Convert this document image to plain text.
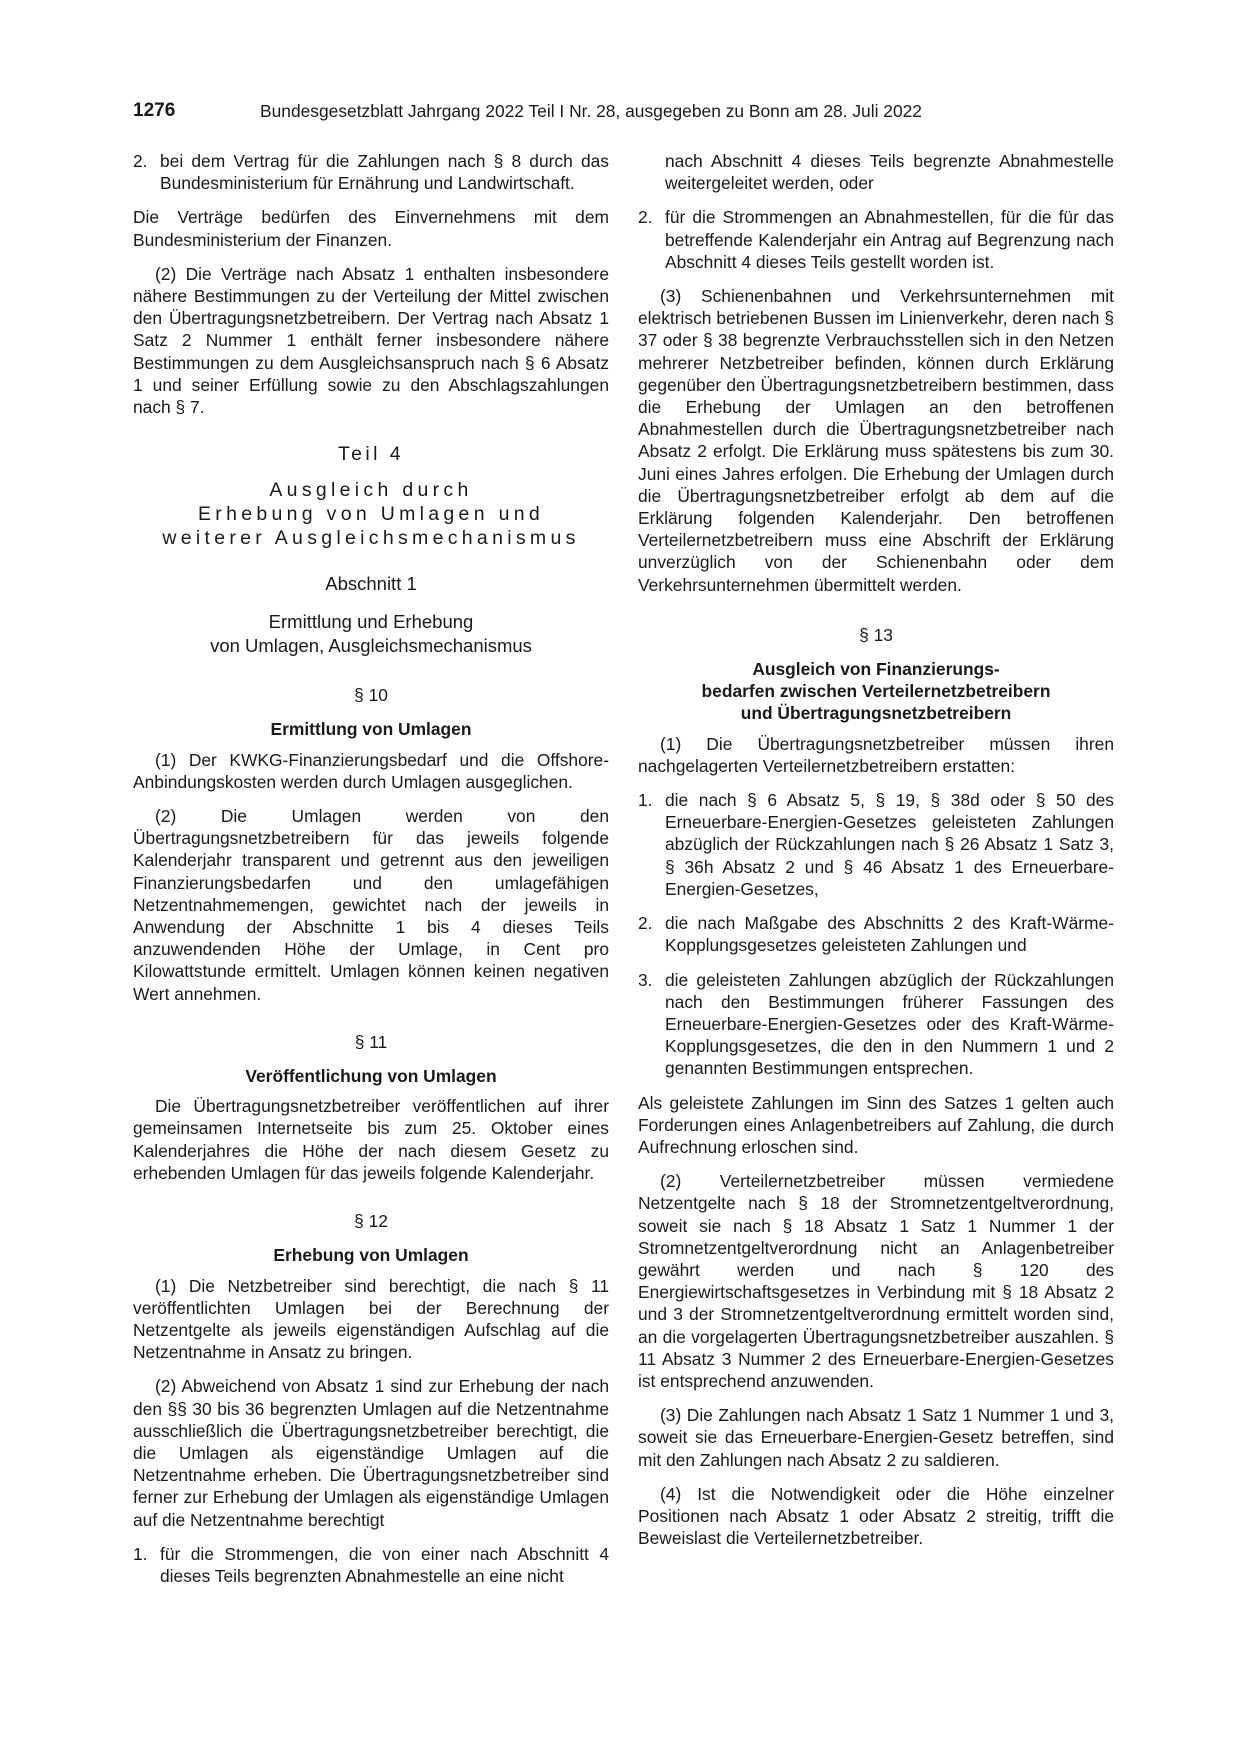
1276	Bundesgesetzblatt Jahrgang 2022 Teil I Nr. 28, ausgegeben zu Bonn am 28. Juli 2022
2. bei dem Vertrag für die Zahlungen nach § 8 durch das Bundesministerium für Ernährung und Landwirtschaft.

Die Verträge bedürfen des Einvernehmens mit dem Bundesministerium der Finanzen.

(2) Die Verträge nach Absatz 1 enthalten insbesondere nähere Bestimmungen zu der Verteilung der Mittel zwischen den Übertragungsnetzbetreibern. Der Vertrag nach Absatz 1 Satz 2 Nummer 1 enthält ferner insbesondere nähere Bestimmungen zu dem Ausgleichsanspruch nach § 6 Absatz 1 und seiner Erfüllung sowie zu den Abschlagszahlungen nach § 7.

Teil 4
Ausgleich durch
Erhebung von Umlagen und
weiterer Ausgleichsmechanismus
Abschnitt 1
Ermittlung und Erhebung
von Umlagen, Ausgleichsmechanismus
§ 10
Ermittlung von Umlagen

(1) Der KWKG-Finanzierungsbedarf und die Offshore-Anbindungskosten werden durch Umlagen ausgeglichen.

(2) Die Umlagen werden von den Übertragungsnetzbetreibern für das jeweils folgende Kalenderjahr transparent und getrennt aus den jeweiligen Finanzierungsbedarfen und den umlagefähigen Netzentnahmemengen, gewichtet nach der jeweils in Anwendung der Abschnitte 1 bis 4 dieses Teils anzuwendenden Höhe der Umlage, in Cent pro Kilowattstunde ermittelt. Umlagen können keinen negativen Wert annehmen.

§ 11
Veröffentlichung von Umlagen

Die Übertragungsnetzbetreiber veröffentlichen auf ihrer gemeinsamen Internetseite bis zum 25. Oktober eines Kalenderjahres die Höhe der nach diesem Gesetz zu erhebenden Umlagen für das jeweils folgende Kalenderjahr.

§ 12
Erhebung von Umlagen

(1) Die Netzbetreiber sind berechtigt, die nach § 11 veröffentlichten Umlagen bei der Berechnung der Netzentgelte als jeweils eigenständigen Aufschlag auf die Netzentnahme in Ansatz zu bringen.

(2) Abweichend von Absatz 1 sind zur Erhebung der nach den §§ 30 bis 36 begrenzten Umlagen auf die Netzentnahme ausschließlich die Übertragungsnetzbetreiber berechtigt, die die Umlagen als eigenständige Umlagen auf die Netzentnahme erheben. Die Übertragungsnetzbetreiber sind ferner zur Erhebung der Umlagen als eigenständige Umlagen auf die Netzentnahme berechtigt

1. für die Strommengen, die von einer nach Abschnitt 4 dieses Teils begrenzten Abnahmestelle an eine nicht

nach Abschnitt 4 dieses Teils begrenzte Abnahmestelle weitergeleitet werden, oder

2. für die Strommengen an Abnahmestellen, für die für das betreffende Kalenderjahr ein Antrag auf Begrenzung nach Abschnitt 4 dieses Teils gestellt worden ist.

(3) Schienenbahnen und Verkehrsunternehmen mit elektrisch betriebenen Bussen im Linienverkehr, deren nach § 37 oder § 38 begrenzte Verbrauchsstellen sich in den Netzen mehrerer Netzbetreiber befinden, können durch Erklärung gegenüber den Übertragungsnetzbetreibern bestimmen, dass die Erhebung der Umlagen an den betroffenen Abnahmestellen durch die Übertragungsnetzbetreiber nach Absatz 2 erfolgt. Die Erklärung muss spätestens bis zum 30. Juni eines Jahres erfolgen. Die Erhebung der Umlagen durch die Übertragungsnetzbetreiber erfolgt ab dem auf die Erklärung folgenden Kalenderjahr. Den betroffenen Verteilernetzbetreibern muss eine Abschrift der Erklärung unverzüglich von der Schienenbahn oder dem Verkehrsunternehmen übermittelt werden.

§ 13
Ausgleich von Finanzierungs-
bedarfen zwischen Verteilernetzbetreibern
und Übertragungsnetzbetreibern

(1) Die Übertragungsnetzbetreiber müssen ihren nachgelagerten Verteilernetzbetreibern erstatten:

1. die nach § 6 Absatz 5, § 19, § 38d oder § 50 des Erneuerbare-Energien-Gesetzes geleisteten Zahlungen abzüglich der Rückzahlungen nach § 26 Absatz 1 Satz 3, § 36h Absatz 2 und § 46 Absatz 1 des Erneuerbare-Energien-Gesetzes,
2. die nach Maßgabe des Abschnitts 2 des Kraft-Wärme-Kopplungsgesetzes geleisteten Zahlungen und
3. die geleisteten Zahlungen abzüglich der Rückzahlungen nach den Bestimmungen früherer Fassungen des Erneuerbare-Energien-Gesetzes oder des Kraft-Wärme-Kopplungsgesetzes, die den in den Nummern 1 und 2 genannten Bestimmungen entsprechen.

Als geleistete Zahlungen im Sinn des Satzes 1 gelten auch Forderungen eines Anlagenbetreibers auf Zahlung, die durch Aufrechnung erloschen sind.

(2) Verteilernetzbetreiber müssen vermiedene Netzentgelte nach § 18 der Stromnetzentgeltverordnung, soweit sie nach § 18 Absatz 1 Satz 1 Nummer 1 der Stromnetzentgeltverordnung nicht an Anlagenbetreiber gewährt werden und nach § 120 des Energiewirtschaftsgesetzes in Verbindung mit § 18 Absatz 2 und 3 der Stromnetzentgeltverordnung ermittelt worden sind, an die vorgelagerten Übertragungsnetzbetreiber auszahlen. § 11 Absatz 3 Nummer 2 des Erneuerbare-Energien-Gesetzes ist entsprechend anzuwenden.

(3) Die Zahlungen nach Absatz 1 Satz 1 Nummer 1 und 3, soweit sie das Erneuerbare-Energien-Gesetz betreffen, sind mit den Zahlungen nach Absatz 2 zu saldieren.

(4) Ist die Notwendigkeit oder die Höhe einzelner Positionen nach Absatz 1 oder Absatz 2 streitig, trifft die Beweislast die Verteilernetzbetreiber.
